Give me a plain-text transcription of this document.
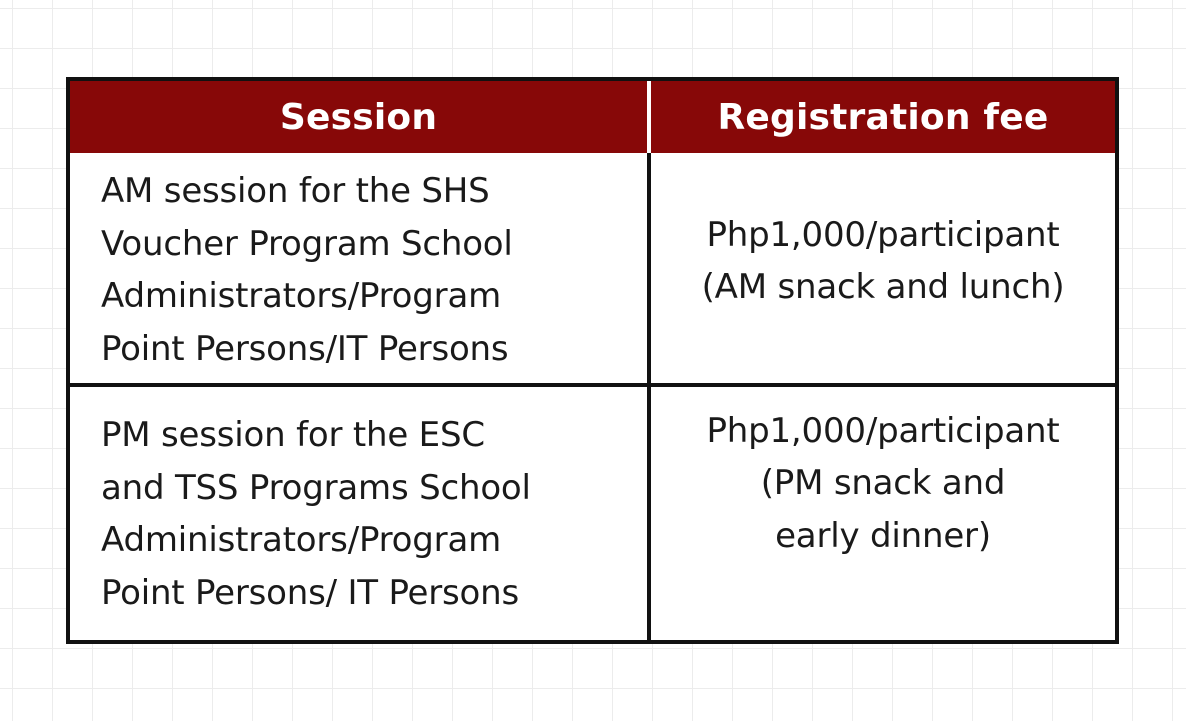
Session	Registration fee
AM session for the SHS
Voucher Program School
Administrators/Program
Point Persons/IT Persons
Php1,000/participant
(AM snack and lunch)
PM session for the ESC
and TSS Programs School
Administrators/Program
Point Persons/ IT Persons
Php1,000/participant
(PM snack and
early dinner)
